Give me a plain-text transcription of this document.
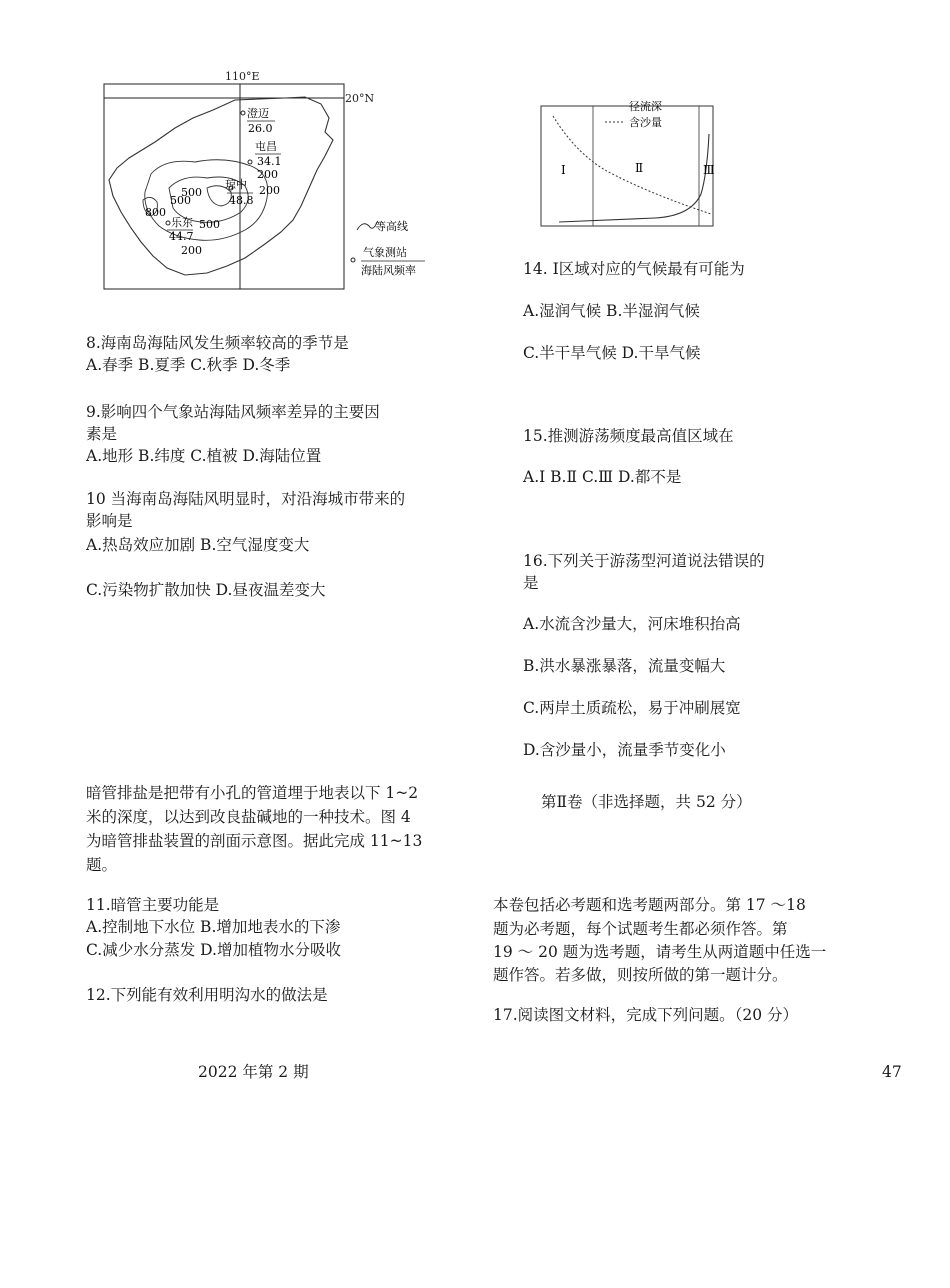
110°E
20°N
澄迈
26.0
屯昌
34.1
琼中
48.8
乐东
44.7
200
200
500
500
800
500
200
等高线
气象测站
海陆风频率
径流深
含沙量
Ⅰ	Ⅱ	Ⅲ
8.海南岛海陆风发生频率较高的季节是
A.春季 B.夏季 C.秋季 D.冬季
9.影响四个气象站海陆风频率差异的主要因
素是
A.地形 B.纬度 C.植被 D.海陆位置
10 当海南岛海陆风明显时，对沿海城市带来的
影响是
A.热岛效应加剧 B.空气湿度变大
C.污染物扩散加快 D.昼夜温差变大
暗管排盐是把带有小孔的管道埋于地表以下 1~2
米的深度，以达到改良盐碱地的一种技术。图 4
为暗管排盐装置的剖面示意图。据此完成 11~13
题。
11.暗管主要功能是
A.控制地下水位 B.增加地表水的下渗
C.减少水分蒸发 D.增加植物水分吸收
12.下列能有效利用明沟水的做法是
14. Ⅰ区域对应的气候最有可能为
A.湿润气候 B.半湿润气候
C.半干旱气候 D.干旱气候
15.推测游荡频度最高值区域在
A.Ⅰ B.Ⅱ C.Ⅲ D.都不是
16.下列关于游荡型河道说法错误的
是
A.水流含沙量大，河床堆积抬高
B.洪水暴涨暴落，流量变幅大
C.两岸土质疏松，易于冲刷展宽
D.含沙量小，流量季节变化小
第Ⅱ卷（非选择题，共 52 分）
本卷包括必考题和选考题两部分。第 17 ～18
题为必考题，每个试题考生都必须作答。第
19 ～ 20 题为选考题，请考生从两道题中任选一
题作答。若多做，则按所做的第一题计分。
17.阅读图文材料，完成下列问题。（20 分）
2022 年第 2 期	47
